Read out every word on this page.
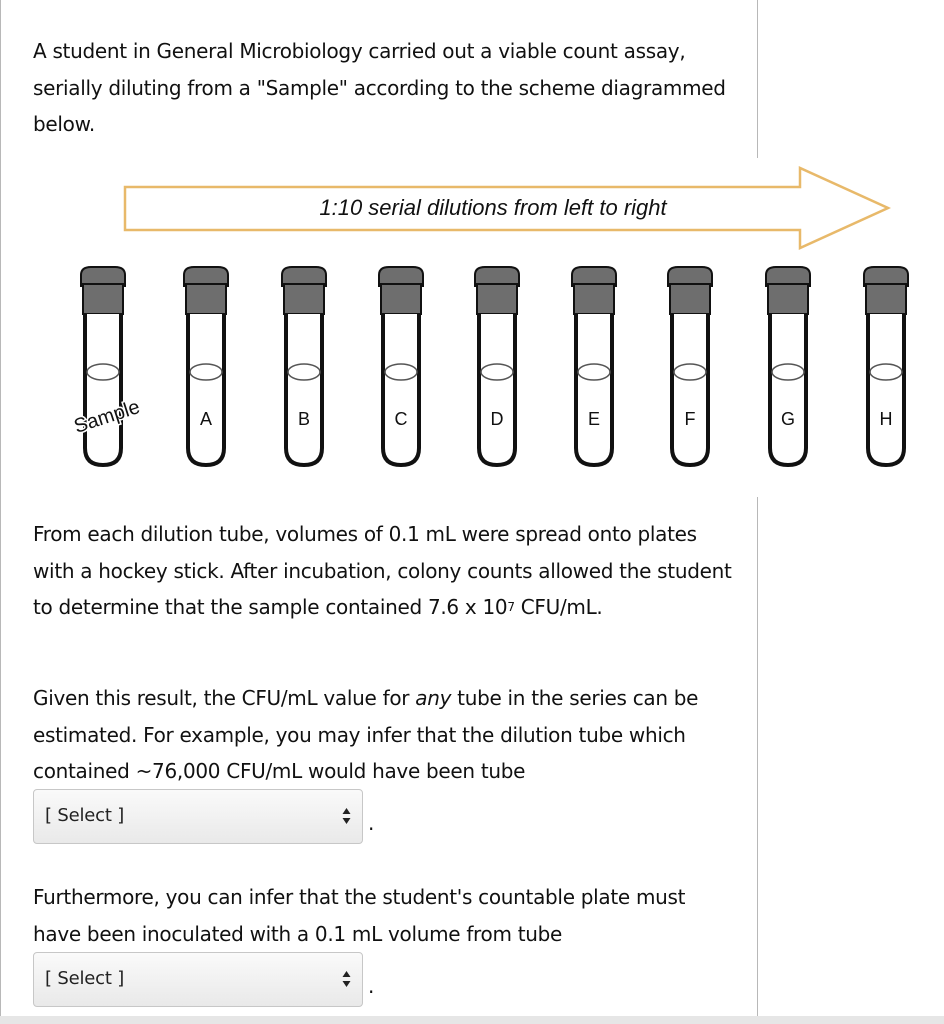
A student in General Microbiology carried out a viable count assay, serially diluting from a "Sample" according to the scheme diagrammed below.

1:10 serial dilutions from left to right
Sample	A	B	C	D	E	F	G	H

From each dilution tube, volumes of 0.1 mL were spread onto plates with a hockey stick. After incubation, colony counts allowed the student to determine that the sample contained 7.6 x $10^7$ CFU/mL.

Given this result, the CFU/mL value for any tube in the series can be estimated. For example, you may infer that the dilution tube which contained ~76,000 CFU/mL would have been tube

[ Select ]	.

Furthermore, you can infer that the student's countable plate must have been inoculated with a 0.1 mL volume from tube

[ Select ]	.
